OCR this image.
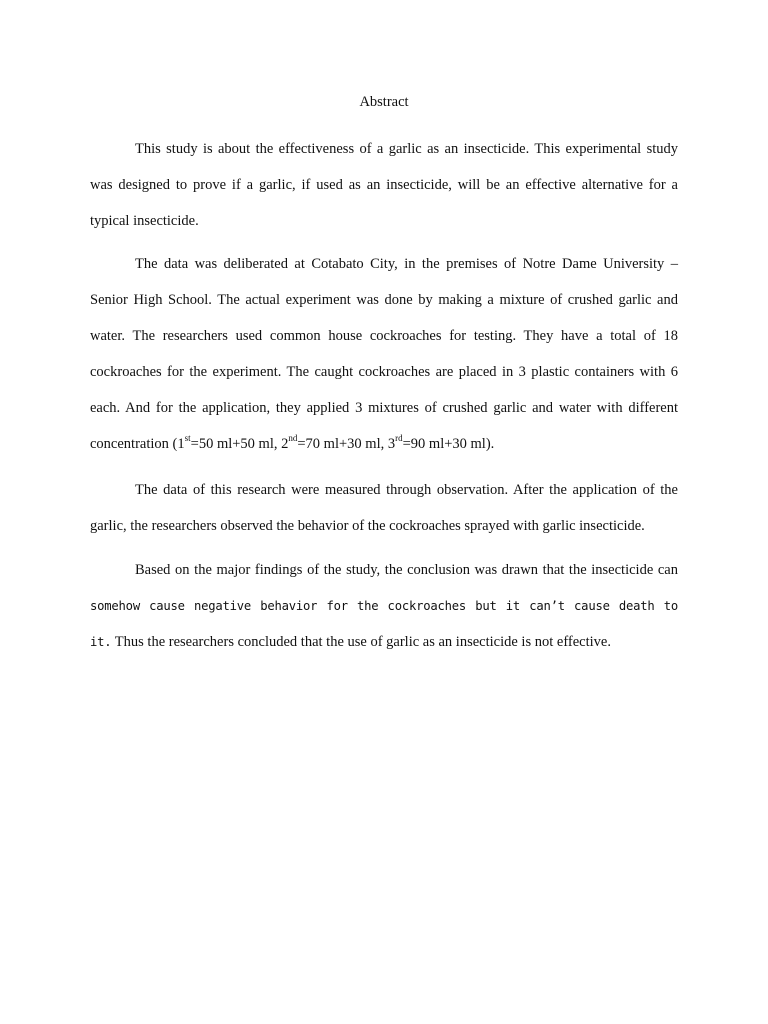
Abstract

This study is about the effectiveness of a garlic as an insecticide. This experimental study was designed to prove if a garlic, if used as an insecticide, will be an effective alternative for a typical insecticide.

The data was deliberated at Cotabato City, in the premises of Notre Dame University – Senior High School. The actual experiment was done by making a mixture of crushed garlic and water. The researchers used common house cockroaches for testing. They have a total of 18 cockroaches for the experiment. The caught cockroaches are placed in 3 plastic containers with 6 each. And for the application, they applied 3 mixtures of crushed garlic and water with different concentration (1st=50 ml+50 ml, 2nd=70 ml+30 ml, 3rd=90 ml+30 ml).

The data of this research were measured through observation. After the application of the garlic, the researchers observed the behavior of the cockroaches sprayed with garlic insecticide.

Based on the major findings of the study, the conclusion was drawn that the insecticide can somehow cause negative behavior for the cockroaches but it can’t cause death to it. Thus the researchers concluded that the use of garlic as an insecticide is not effective.
